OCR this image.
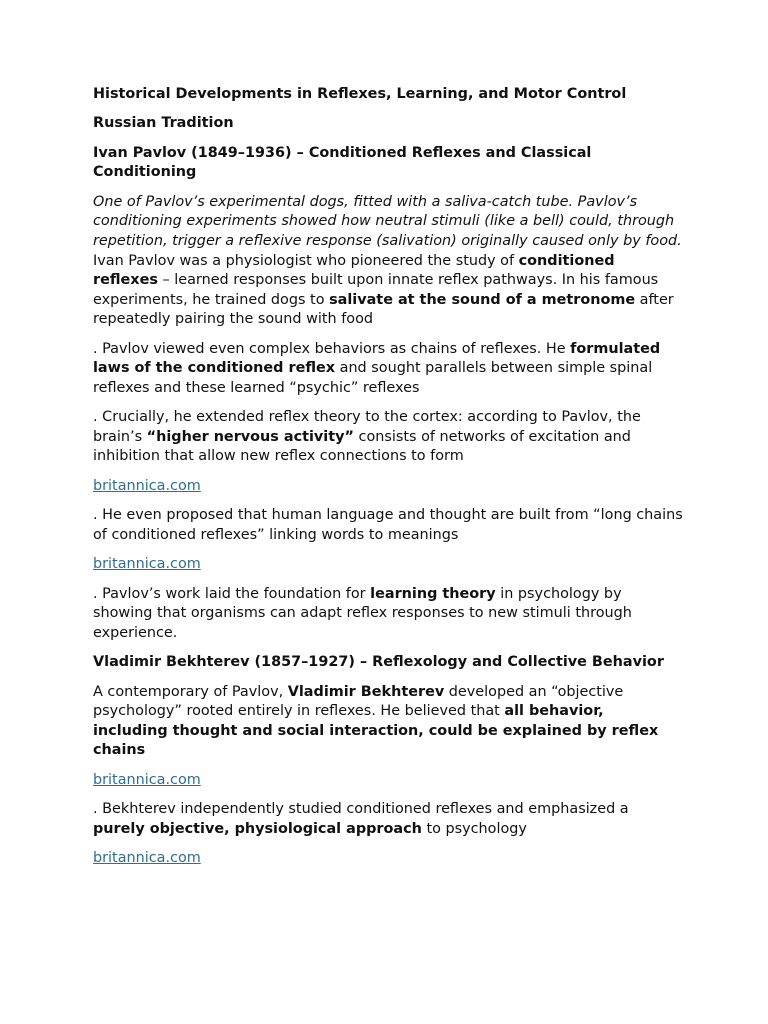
Historical Developments in Reflexes, Learning, and Motor Control

Russian Tradition

Ivan Pavlov (1849–1936) – Conditioned Reflexes and Classical Conditioning

One of Pavlov’s experimental dogs, fitted with a saliva-catch tube. Pavlov’s conditioning experiments showed how neutral stimuli (like a bell) could, through repetition, trigger a reflexive response (salivation) originally caused only by food.

Ivan Pavlov was a physiologist who pioneered the study of conditioned reflexes – learned responses built upon innate reflex pathways. In his famous experiments, he trained dogs to salivate at the sound of a metronome after repeatedly pairing the sound with food

. Pavlov viewed even complex behaviors as chains of reflexes. He formulated laws of the conditioned reflex and sought parallels between simple spinal reflexes and these learned “psychic” reflexes

. Crucially, he extended reflex theory to the cortex: according to Pavlov, the brain’s “higher nervous activity” consists of networks of excitation and inhibition that allow new reflex connections to form

britannica.com

. He even proposed that human language and thought are built from “long chains of conditioned reflexes” linking words to meanings

britannica.com

. Pavlov’s work laid the foundation for learning theory in psychology by showing that organisms can adapt reflex responses to new stimuli through experience.

Vladimir Bekhterev (1857–1927) – Reflexology and Collective Behavior

A contemporary of Pavlov, Vladimir Bekhterev developed an “objective psychology” rooted entirely in reflexes. He believed that all behavior, including thought and social interaction, could be explained by reflex chains

britannica.com

. Bekhterev independently studied conditioned reflexes and emphasized a purely objective, physiological approach to psychology

britannica.com
